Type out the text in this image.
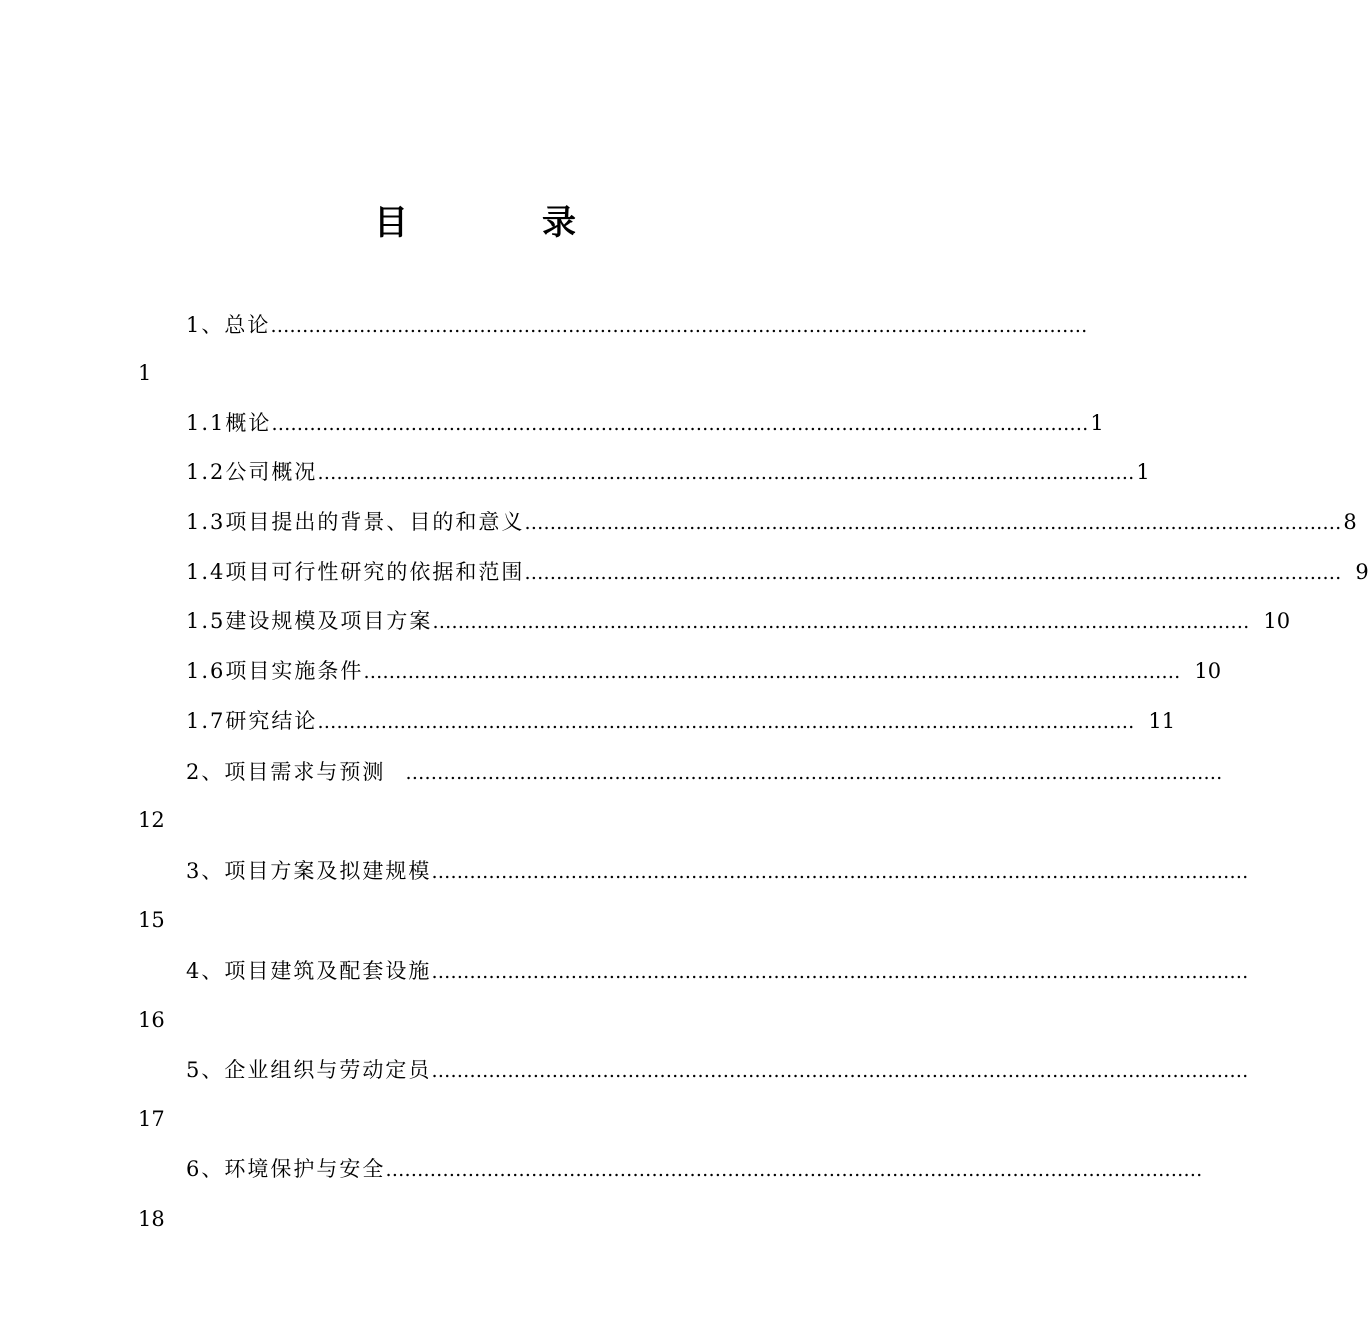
目　录
1、总论 …………………………………………………………………………………………………………………
1
1.1概论 ………………………………………………………………………………………………………………… 1
1.2公司概况 ………………………………………………………………………………………………………………… 1
1.3项目提出的背景、目的和意义 ………………………………………………………………………………………………………………… 8
1.4项目可行性研究的依据和范围 ………………………………………………………………………………………………………………… 9
1.5建设规模及项目方案 ………………………………………………………………………………………………………………… 10
1.6项目实施条件 ………………………………………………………………………………………………………………… 10
1.7研究结论 ………………………………………………………………………………………………………………… 11
2、项目需求与预测	…………………………………………………………………………………………………………………
12
3、项目方案及拟建规模 …………………………………………………………………………………………………………………
15
4、项目建筑及配套设施 …………………………………………………………………………………………………………………
16
5、企业组织与劳动定员 …………………………………………………………………………………………………………………
17
6、环境保护与安全 …………………………………………………………………………………………………………………
18
